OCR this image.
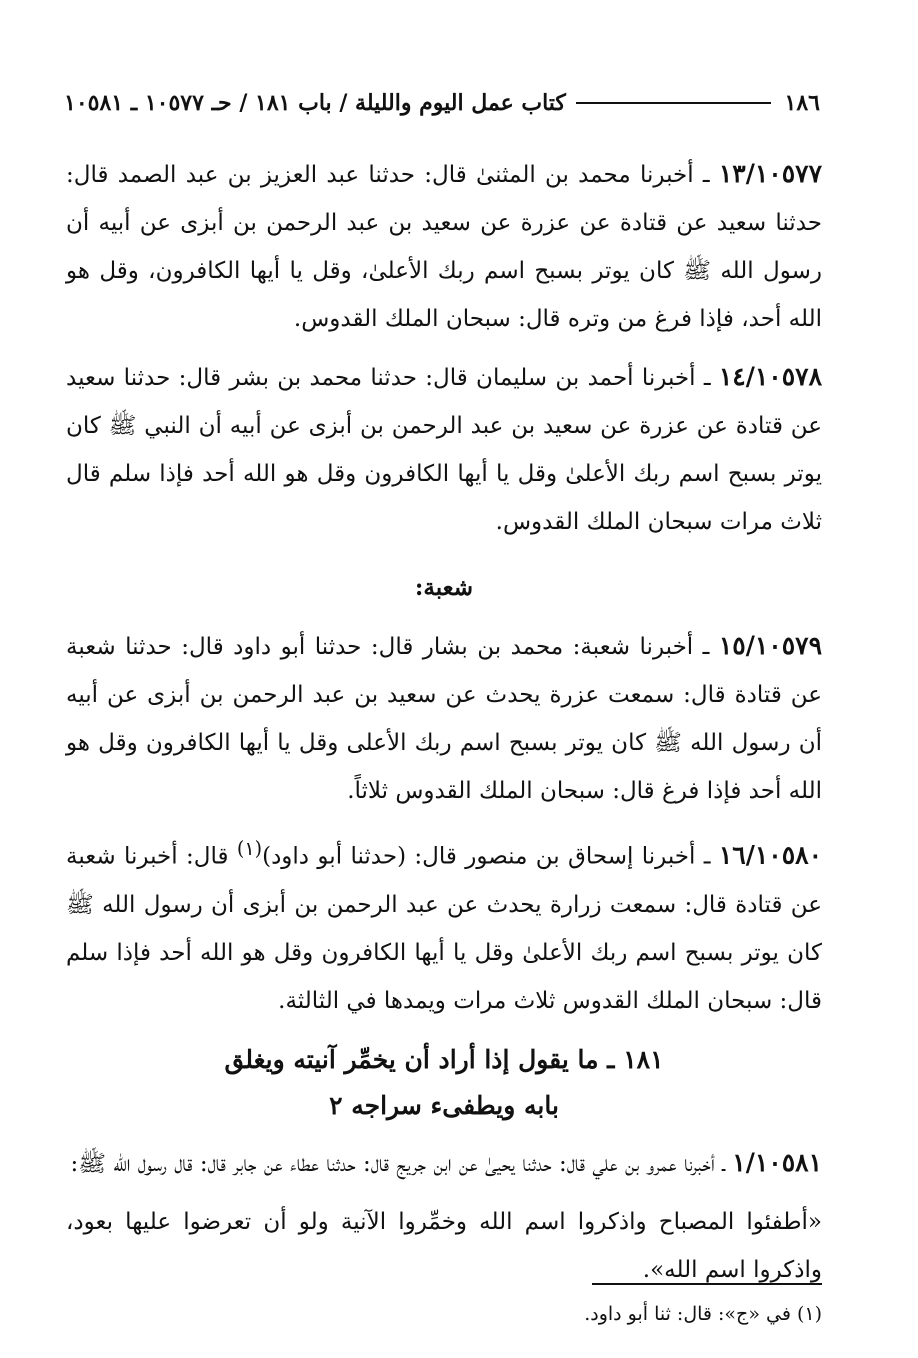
١٨٦
كتاب عمل اليوم والليلة / باب ١٨١ / حـ ١٠٥٧٧ ـ ١٠٥٨١

١٣/١٠٥٧٧ ـ أخبرنا محمد بن المثنىٰ قال: حدثنا عبد العزيز بن عبد الصمد قال: حدثنا سعيد عن قتادة عن عزرة عن سعيد بن عبد الرحمن بن أبزى عن أبيه أن رسول الله ﷺ كان يوتر بسبح اسم ربك الأعلىٰ، وقل يا أيها الكافرون، وقل هو الله أحد، فإذا فرغ من وتره قال: سبحان الملك القدوس.

١٤/١٠٥٧٨ ـ أخبرنا أحمد بن سليمان قال: حدثنا محمد بن بشر قال: حدثنا سعيد عن قتادة عن عزرة عن سعيد بن عبد الرحمن بن أبزى عن أبيه أن النبي ﷺ كان يوتر بسبح اسم ربك الأعلىٰ وقل يا أيها الكافرون وقل هو الله أحد فإذا سلم قال ثلاث مرات سبحان الملك القدوس.

شعبة:

١٥/١٠٥٧٩ ـ أخبرنا شعبة: محمد بن بشار قال: حدثنا أبو داود قال: حدثنا شعبة عن قتادة قال: سمعت عزرة يحدث عن سعيد بن عبد الرحمن بن أبزى عن أبيه أن رسول الله ﷺ كان يوتر بسبح اسم ربك الأعلى وقل يا أيها الكافرون وقل هو الله أحد فإذا فرغ قال: سبحان الملك القدوس ثلاثاً.

١٦/١٠٥٨٠ ـ أخبرنا إسحاق بن منصور قال: (حدثنا أبو داود)$^{(١)}$ قال: أخبرنا شعبة عن قتادة قال: سمعت زرارة يحدث عن عبد الرحمن بن أبزى أن رسول الله ﷺ كان يوتر بسبح اسم ربك الأعلىٰ وقل يا أيها الكافرون وقل هو الله أحد فإذا سلم قال: سبحان الملك القدوس ثلاث مرات ويمدها في الثالثة.

١٨١ ـ ما يقول إذا أراد أن يخمِّر آنيته ويغلق
بابه ويطفىء سراجه ٢

١/١٠٥٨١ ـ أخبرنا عمرو بن علي قال: حدثنا يحيىٰ عن ابن جريج قال: حدثنا عطاء عن جابر قال: قال رسول الله ﷺ:

«أطفئوا المصباح واذكروا اسم الله وخمِّروا الآنية ولو أن تعرضوا عليها بعود، واذكروا اسم الله».

(١) في «ج»: قال: ثنا أبو داود.
